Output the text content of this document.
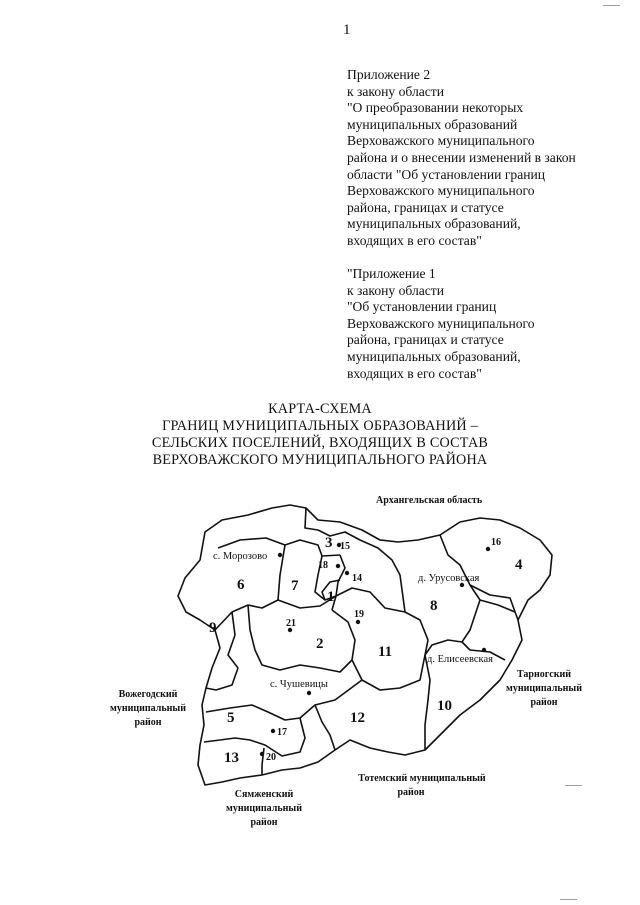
1
——
——
——
Приложение 2
к закону области
"О преобразовании некоторых
муниципальных образований
Верховажского муниципального
района и о внесении изменений в закон
области "Об установлении границ
Верховажского муниципального
района, границах и статусе
муниципальных образований,
входящих в его состав"
"Приложение 1
к закону области
"Об установлении границ
Верховажского муниципального
района, границах и статусе
муниципальных образований,
входящих в его состав"
КАРТА-СХЕМА
ГРАНИЦ МУНИЦИПАЛЬНЫХ ОБРАЗОВАНИЙ –
СЕЛЬСКИХ ПОСЕЛЕНИЙ, ВХОДЯЩИХ В СОСТАВ
ВЕРХОВАЖСКОГО МУНИЦИПАЛЬНОГО РАЙОНА
Архангельская область
Тарногский
муниципальный
район
Вожегодский
муниципальный
район
Тотемский муниципальный
район
Сямженский
муниципальный
район
с. Морозово
д. Урусовская
с. Чушевицы
д. Елисеевская
1
2
3
4
5
6	7
8
9
10
11
12
13
14
15	16
17
18
19
20
21
